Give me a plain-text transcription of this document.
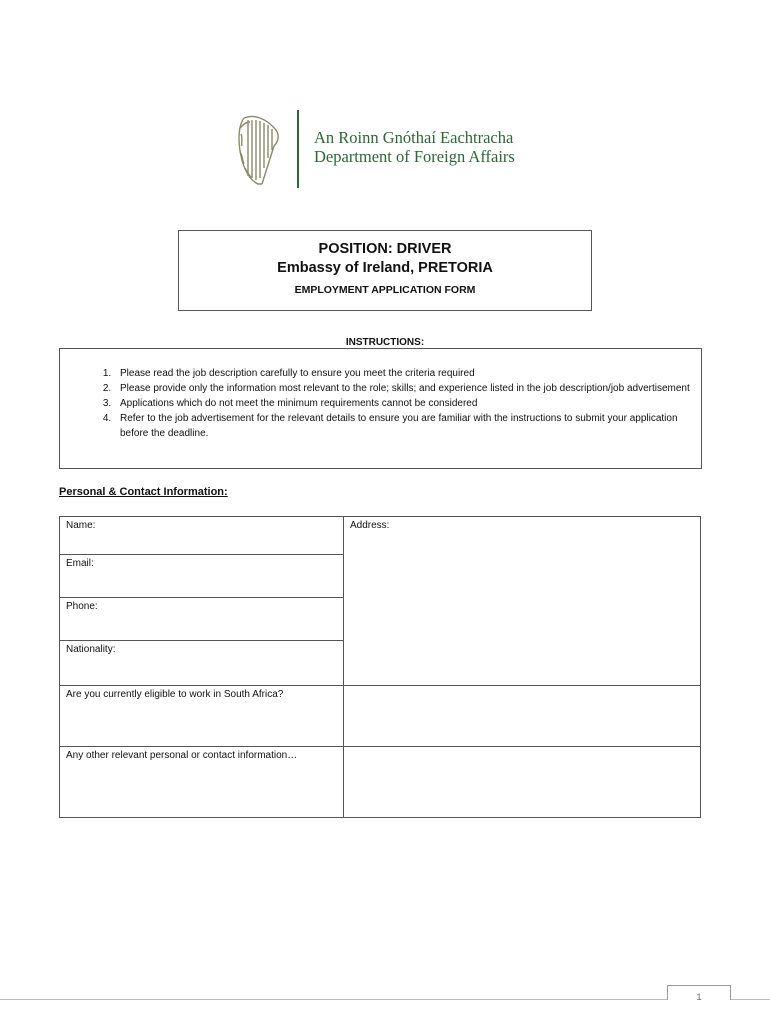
An Roinn Gnóthaí Eachtracha
Department of Foreign Affairs
POSITION: DRIVER
Embassy of Ireland, PRETORIA
EMPLOYMENT APPLICATION FORM
INSTRUCTIONS:
1. Please read the job description carefully to ensure you meet the criteria required
2. Please provide only the information most relevant to the role; skills; and experience listed in the job description/job advertisement
3. Applications which do not meet the minimum requirements cannot be considered
4. Refer to the job advertisement for the relevant details to ensure you are familiar with the instructions to submit your application before the deadline.
Personal & Contact Information:
Name:	Address:
Email:	
Phone:	
Nationality:	
Are you currently eligible to work in South Africa?	
Any other relevant personal or contact information…	
1
